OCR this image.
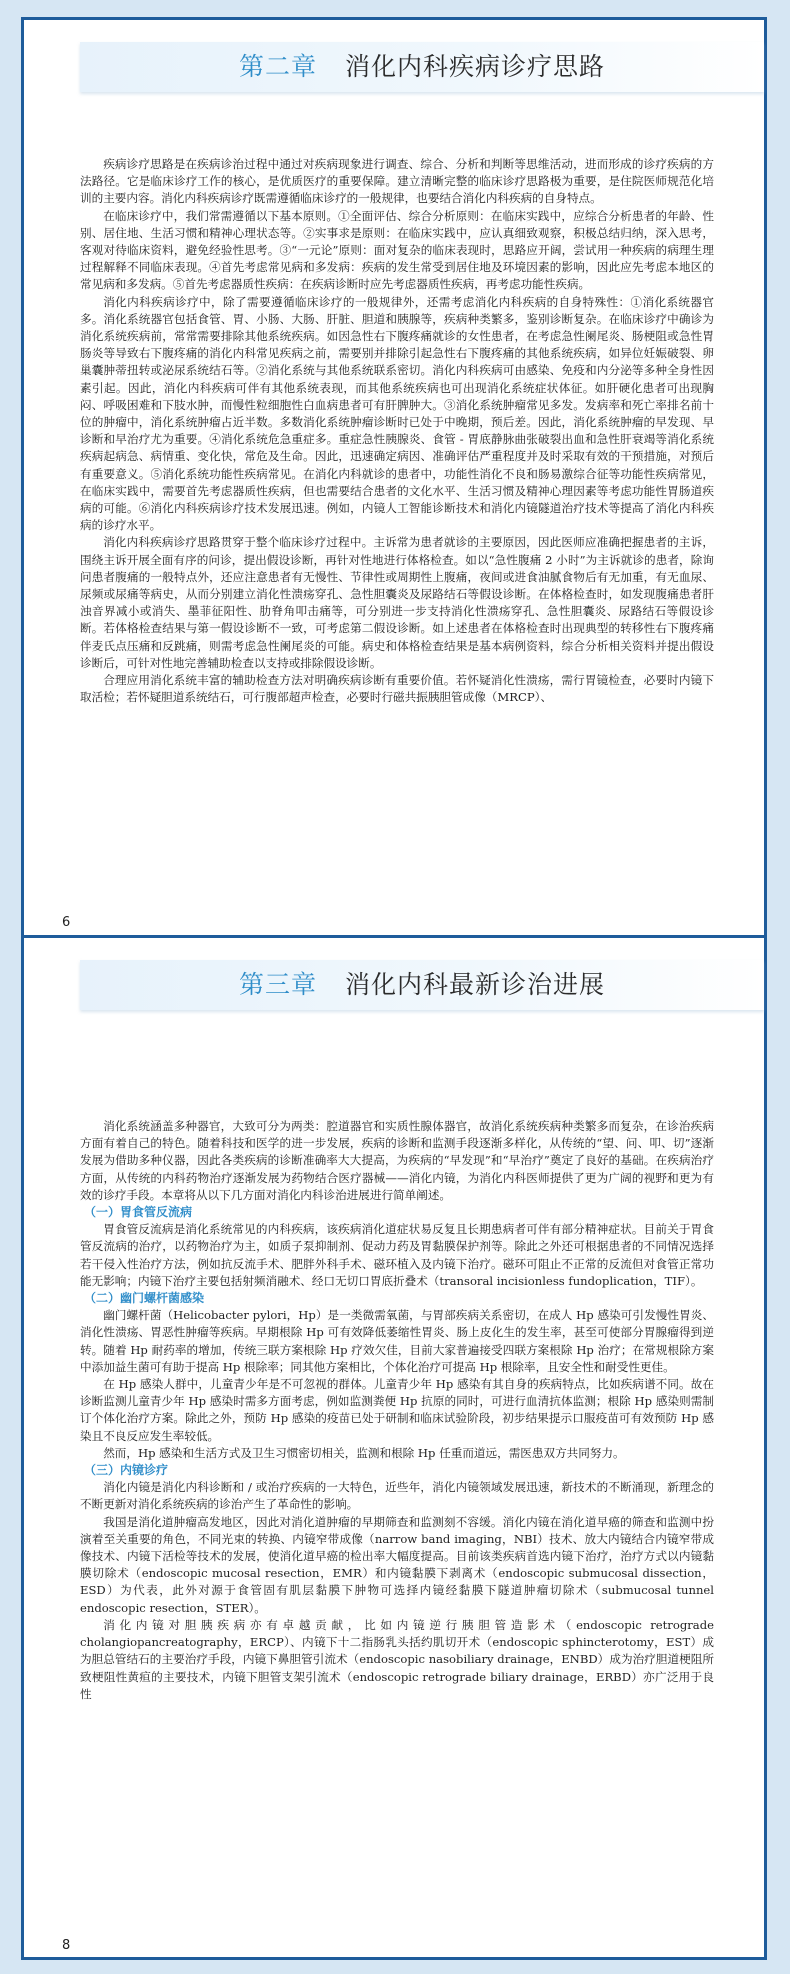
第二章 消化内科疾病诊疗思路

疾病诊疗思路是在疾病诊治过程中通过对疾病现象进行调查、综合、分析和判断等思维活动，进而形成的诊疗疾病的方法路径。它是临床诊疗工作的核心，是优质医疗的重要保障。建立清晰完整的临床诊疗思路极为重要，是住院医师规范化培训的主要内容。消化内科疾病诊疗既需遵循临床诊疗的一般规律，也要结合消化内科疾病的自身特点。

在临床诊疗中，我们常需遵循以下基本原则。①全面评估、综合分析原则：在临床实践中，应综合分析患者的年龄、性别、居住地、生活习惯和精神心理状态等。②实事求是原则：在临床实践中，应认真细致观察，积极总结归纳，深入思考，客观对待临床资料，避免经验性思考。③“一元论”原则：面对复杂的临床表现时，思路应开阔，尝试用一种疾病的病理生理过程解释不同临床表现。④首先考虑常见病和多发病：疾病的发生常受到居住地及环境因素的影响，因此应先考虑本地区的常见病和多发病。⑤首先考虑器质性疾病：在疾病诊断时应先考虑器质性疾病，再考虑功能性疾病。

消化内科疾病诊疗中，除了需要遵循临床诊疗的一般规律外，还需考虑消化内科疾病的自身特殊性：①消化系统器官多。消化系统器官包括食管、胃、小肠、大肠、肝脏、胆道和胰腺等，疾病种类繁多，鉴别诊断复杂。在临床诊疗中确诊为消化系统疾病前，常常需要排除其他系统疾病。如因急性右下腹疼痛就诊的女性患者，在考虑急性阑尾炎、肠梗阻或急性胃肠炎等导致右下腹疼痛的消化内科常见疾病之前，需要别并排除引起急性右下腹疼痛的其他系统疾病，如异位妊娠破裂、卵巢囊肿蒂扭转或泌尿系统结石等。②消化系统与其他系统联系密切。消化内科疾病可由感染、免疫和内分泌等多种全身性因素引起。因此，消化内科疾病可伴有其他系统表现，而其他系统疾病也可出现消化系统症状体征。如肝硬化患者可出现胸闷、呼吸困难和下肢水肿，而慢性粒细胞性白血病患者可有肝脾肿大。③消化系统肿瘤常见多发。发病率和死亡率排名前十位的肿瘤中，消化系统肿瘤占近半数。多数消化系统肿瘤诊断时已处于中晚期，预后差。因此，消化系统肿瘤的早发现、早诊断和早治疗尤为重要。④消化系统危急重症多。重症急性胰腺炎、食管 - 胃底静脉曲张破裂出血和急性肝衰竭等消化系统疾病起病急、病情重、变化快，常危及生命。因此，迅速确定病因、准确评估严重程度并及时采取有效的干预措施，对预后有重要意义。⑤消化系统功能性疾病常见。在消化内科就诊的患者中，功能性消化不良和肠易激综合征等功能性疾病常见，在临床实践中，需要首先考虑器质性疾病，但也需要结合患者的文化水平、生活习惯及精神心理因素等考虑功能性胃肠道疾病的可能。⑥消化内科疾病诊疗技术发展迅速。例如，内镜人工智能诊断技术和消化内镜隧道治疗技术等提高了消化内科疾病的诊疗水平。

消化内科疾病诊疗思路贯穿于整个临床诊疗过程中。主诉常为患者就诊的主要原因，因此医师应准确把握患者的主诉，围绕主诉开展全面有序的问诊，提出假设诊断，再针对性地进行体格检查。如以“急性腹痛 2 小时”为主诉就诊的患者，除询问患者腹痛的一般特点外，还应注意患者有无慢性、节律性或周期性上腹痛，夜间或进食油腻食物后有无加重，有无血尿、尿频或尿痛等病史，从而分别建立消化性溃疡穿孔、急性胆囊炎及尿路结石等假设诊断。在体格检查时，如发现腹痛患者肝浊音界减小或消失、墨菲征阳性、肋脊角叩击痛等，可分别进一步支持消化性溃疡穿孔、急性胆囊炎、尿路结石等假设诊断。若体格检查结果与第一假设诊断不一致，可考虑第二假设诊断。如上述患者在体格检查时出现典型的转移性右下腹疼痛伴麦氏点压痛和反跳痛，则需考虑急性阑尾炎的可能。病史和体格检查结果是基本病例资料，综合分析相关资料并提出假设诊断后，可针对性地完善辅助检查以支持或排除假设诊断。

合理应用消化系统丰富的辅助检查方法对明确疾病诊断有重要价值。若怀疑消化性溃疡，需行胃镜检查，必要时内镜下取活检；若怀疑胆道系统结石，可行腹部超声检查，必要时行磁共振胰胆管成像（MRCP）、

6
第三章 消化内科最新诊治进展

消化系统涵盖多种器官，大致可分为两类：腔道器官和实质性腺体器官，故消化系统疾病种类繁多而复杂，在诊治疾病方面有着自己的特色。随着科技和医学的进一步发展，疾病的诊断和监测手段逐渐多样化，从传统的“望、问、叩、切”逐渐发展为借助多种仪器，因此各类疾病的诊断准确率大大提高，为疾病的“早发现”和“早治疗”奠定了良好的基础。在疾病治疗方面，从传统的内科药物治疗逐渐发展为药物结合医疗器械——消化内镜，为消化内科医师提供了更为广阔的视野和更为有效的诊疗手段。本章将从以下几方面对消化内科诊治进展进行简单阐述。

（一）胃食管反流病

胃食管反流病是消化系统常见的内科疾病，该疾病消化道症状易反复且长期患病者可伴有部分精神症状。目前关于胃食管反流病的治疗，以药物治疗为主，如质子泵抑制剂、促动力药及胃黏膜保护剂等。除此之外还可根据患者的不同情况选择若干侵入性治疗方法，例如抗反流手术、肥胖外科手术、磁环植入及内镜下治疗。磁环可阻止不正常的反流但对食管正常功能无影响；内镜下治疗主要包括射频消融术、经口无切口胃底折叠术（transoral incisionless fundoplication，TIF）。

（二）幽门螺杆菌感染

幽门螺杆菌（Helicobacter pylori，Hp）是一类微需氧菌，与胃部疾病关系密切，在成人 Hp 感染可引发慢性胃炎、消化性溃疡、胃恶性肿瘤等疾病。早期根除 Hp 可有效降低萎缩性胃炎、肠上皮化生的发生率，甚至可使部分胃腺瘤得到逆转。随着 Hp 耐药率的增加，传统三联方案根除 Hp 疗效欠佳，目前大家普遍接受四联方案根除 Hp 治疗；在常规根除方案中添加益生菌可有助于提高 Hp 根除率；同其他方案相比，个体化治疗可提高 Hp 根除率，且安全性和耐受性更佳。

在 Hp 感染人群中，儿童青少年是不可忽视的群体。儿童青少年 Hp 感染有其自身的疾病特点，比如疾病谱不同。故在诊断监测儿童青少年 Hp 感染时需多方面考虑，例如监测粪便 Hp 抗原的同时，可进行血清抗体监测；根除 Hp 感染则需制订个体化治疗方案。除此之外，预防 Hp 感染的疫苗已处于研制和临床试验阶段，初步结果提示口服疫苗可有效预防 Hp 感染且不良反应发生率较低。

然而，Hp 感染和生活方式及卫生习惯密切相关，监测和根除 Hp 任重而道远，需医患双方共同努力。

（三）内镜诊疗

消化内镜是消化内科诊断和 / 或治疗疾病的一大特色，近些年，消化内镜领域发展迅速，新技术的不断涌现，新理念的不断更新对消化系统疾病的诊治产生了革命性的影响。

我国是消化道肿瘤高发地区，因此对消化道肿瘤的早期筛查和监测刻不容缓。消化内镜在消化道早癌的筛查和监测中扮演着至关重要的角色，不同光束的转换、内镜窄带成像（narrow band imaging，NBI）技术、放大内镜结合内镜窄带成像技术、内镜下活检等技术的发展，使消化道早癌的检出率大幅度提高。目前该类疾病首选内镜下治疗，治疗方式以内镜黏膜切除术（endoscopic mucosal resection，EMR）和内镜黏膜下剥离术（endoscopic submucosal dissection，ESD）为代表，此外对源于食管固有肌层黏膜下肿物可选择内镜经黏膜下隧道肿瘤切除术（submucosal tunnel endoscopic resection，STER）。

消化内镜对胆胰疾病亦有卓越贡献，比如内镜逆行胰胆管造影术（endoscopic retrograde cholangiopancreatography，ERCP）、内镜下十二指肠乳头括约肌切开术（endoscopic sphincterotomy，EST）成为胆总管结石的主要治疗手段，内镜下鼻胆管引流术（endoscopic nasobiliary drainage，ENBD）成为治疗胆道梗阻所致梗阻性黄疸的主要技术，内镜下胆管支架引流术（endoscopic retrograde biliary drainage，ERBD）亦广泛用于良性

8
